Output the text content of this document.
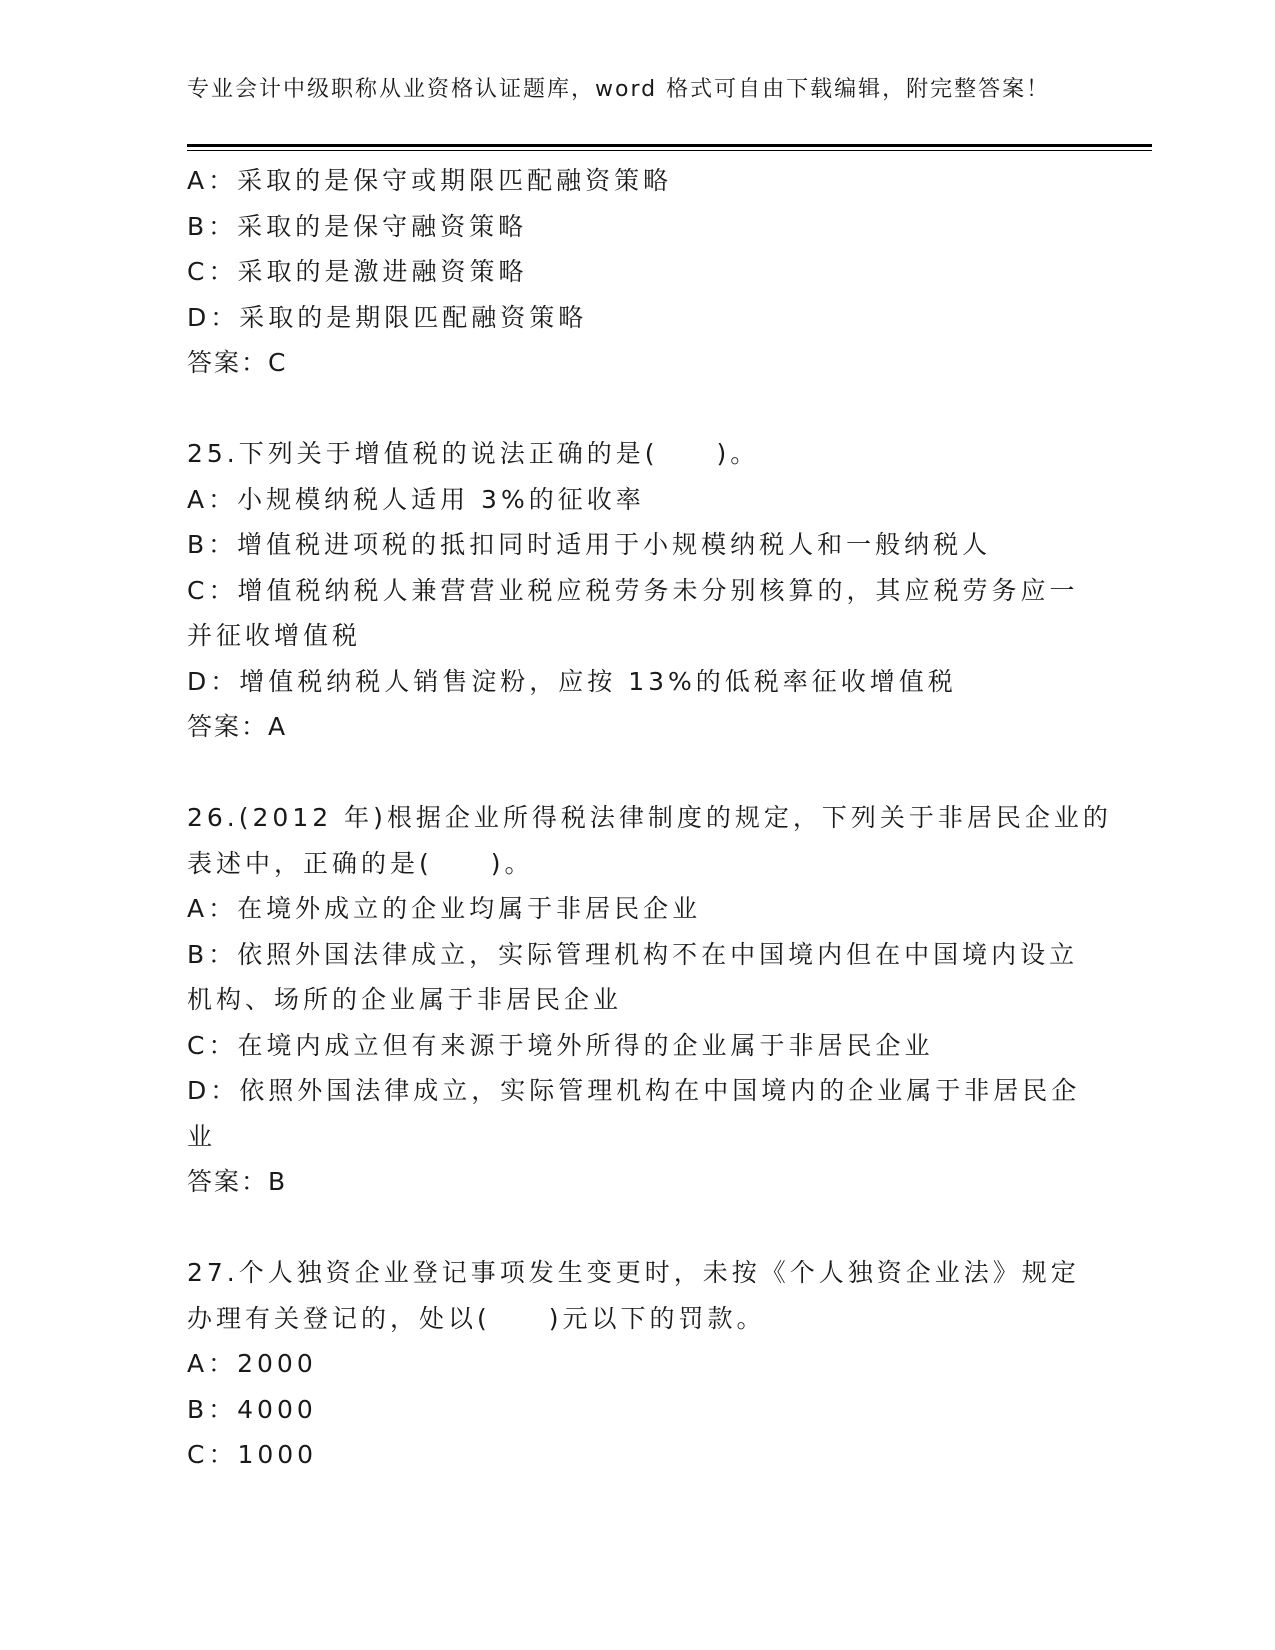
专业会计中级职称从业资格认证题库，word 格式可自由下载编辑，附完整答案！
A：采取的是保守或期限匹配融资策略
B：采取的是保守融资策略
C：采取的是激进融资策略
D：采取的是期限匹配融资策略
答案：C
25.下列关于增值税的说法正确的是(　　)。
A：小规模纳税人适用 3%的征收率
B：增值税进项税的抵扣同时适用于小规模纳税人和一般纳税人
C：增值税纳税人兼营营业税应税劳务未分别核算的，其应税劳务应一
并征收增值税
D：增值税纳税人销售淀粉，应按 13%的低税率征收增值税
答案：A
26.(2012 年)根据企业所得税法律制度的规定，下列关于非居民企业的
表述中，正确的是(　　)。
A：在境外成立的企业均属于非居民企业
B：依照外国法律成立，实际管理机构不在中国境内但在中国境内设立
机构、场所的企业属于非居民企业
C：在境内成立但有来源于境外所得的企业属于非居民企业
D：依照外国法律成立，实际管理机构在中国境内的企业属于非居民企
业
答案：B
27.个人独资企业登记事项发生变更时，未按《个人独资企业法》规定
办理有关登记的，处以(　　)元以下的罚款。
A：2000
B：4000
C：1000
